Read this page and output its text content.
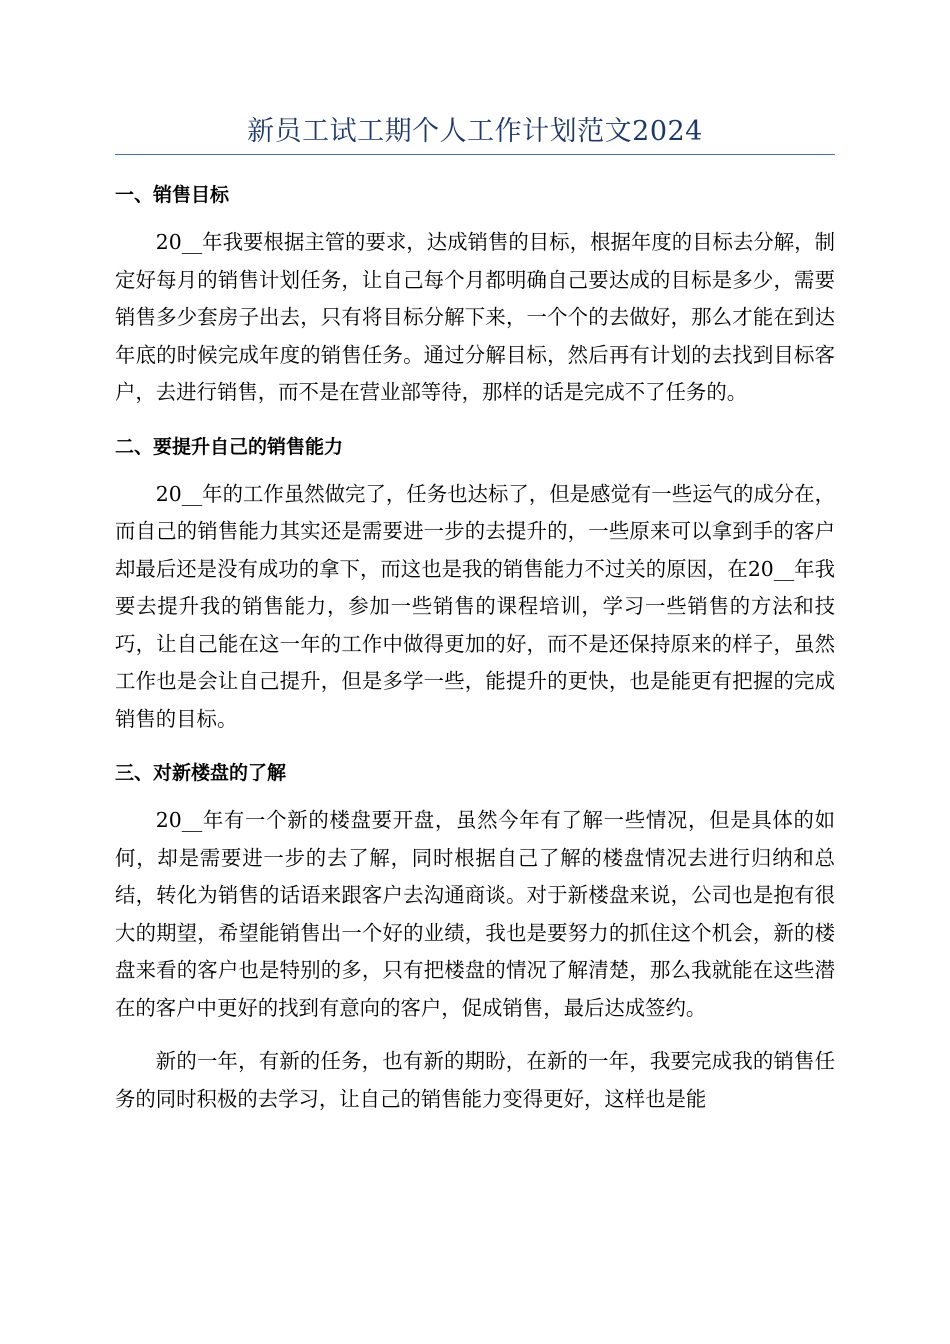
新员工试工期个人工作计划范文2024
一、销售目标

20__年我要根据主管的要求，达成销售的目标，根据年度的目标去分解，制定好每月的销售计划任务，让自己每个月都明确自己要达成的目标是多少，需要销售多少套房子出去，只有将目标分解下来，一个个的去做好，那么才能在到达年底的时候完成年度的销售任务。通过分解目标，然后再有计划的去找到目标客户，去进行销售，而不是在营业部等待，那样的话是完成不了任务的。

二、要提升自己的销售能力

20__年的工作虽然做完了，任务也达标了，但是感觉有一些运气的成分在，而自己的销售能力其实还是需要进一步的去提升的，一些原来可以拿到手的客户却最后还是没有成功的拿下，而这也是我的销售能力不过关的原因，在20__年我要去提升我的销售能力，参加一些销售的课程培训，学习一些销售的方法和技巧，让自己能在这一年的工作中做得更加的好，而不是还保持原来的样子，虽然工作也是会让自己提升，但是多学一些，能提升的更快，也是能更有把握的完成销售的目标。

三、对新楼盘的了解

20__年有一个新的楼盘要开盘，虽然今年有了解一些情况，但是具体的如何，却是需要进一步的去了解，同时根据自己了解的楼盘情况去进行归纳和总结，转化为销售的话语来跟客户去沟通商谈。对于新楼盘来说，公司也是抱有很大的期望，希望能销售出一个好的业绩，我也是要努力的抓住这个机会，新的楼盘来看的客户也是特别的多，只有把楼盘的情况了解清楚，那么我就能在这些潜在的客户中更好的找到有意向的客户，促成销售，最后达成签约。

新的一年，有新的任务，也有新的期盼，在新的一年，我要完成我的销售任务的同时积极的去学习，让自己的销售能力变得更好，这样也是能
